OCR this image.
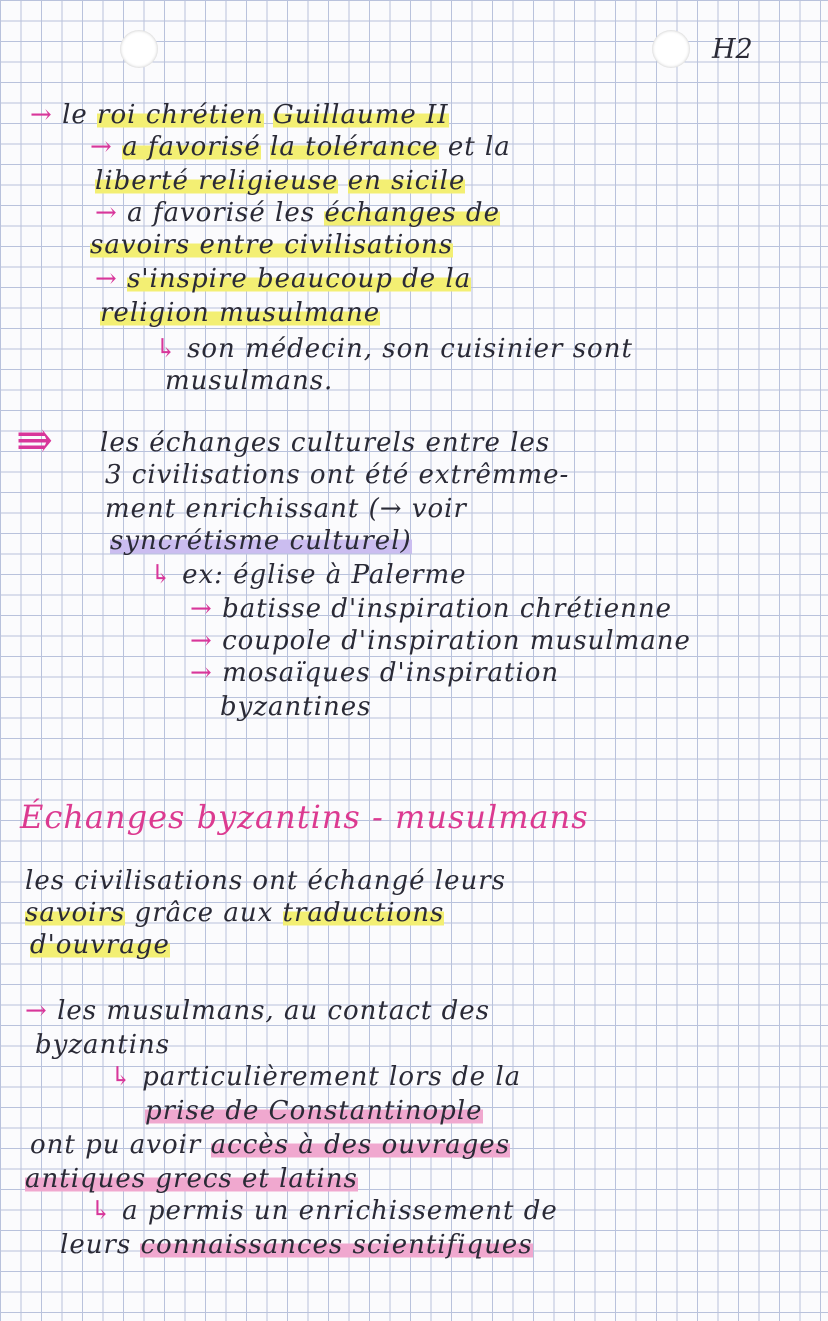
H2
→ le roi chrétien Guillaume II
→ a favorisé la tolérance et la
liberté religieuse en sicile
→ a favorisé les échanges de
savoirs entre civilisations
→ s'inspire beaucoup de la
religion musulmane
↳ son médecin, son cuisinier sont
musulmans.
⇛ les échanges culturels entre les
3 civilisations ont été extrêmme-
ment enrichissant (→ voir
syncrétisme culturel)
↳ ex: église à Palerme
→ batisse d'inspiration chrétienne
→ coupole d'inspiration musulmane
→ mosaïques d'inspiration
byzantines
Échanges byzantins - musulmans
les civilisations ont échangé leurs
savoirs grâce aux traductions
d'ouvrage
→ les musulmans, au contact des
byzantins
↳ particulièrement lors de la
prise de Constantinople
ont pu avoir accès à des ouvrages
antiques grecs et latins
↳ a permis un enrichissement de
leurs connaissances scientifiques
